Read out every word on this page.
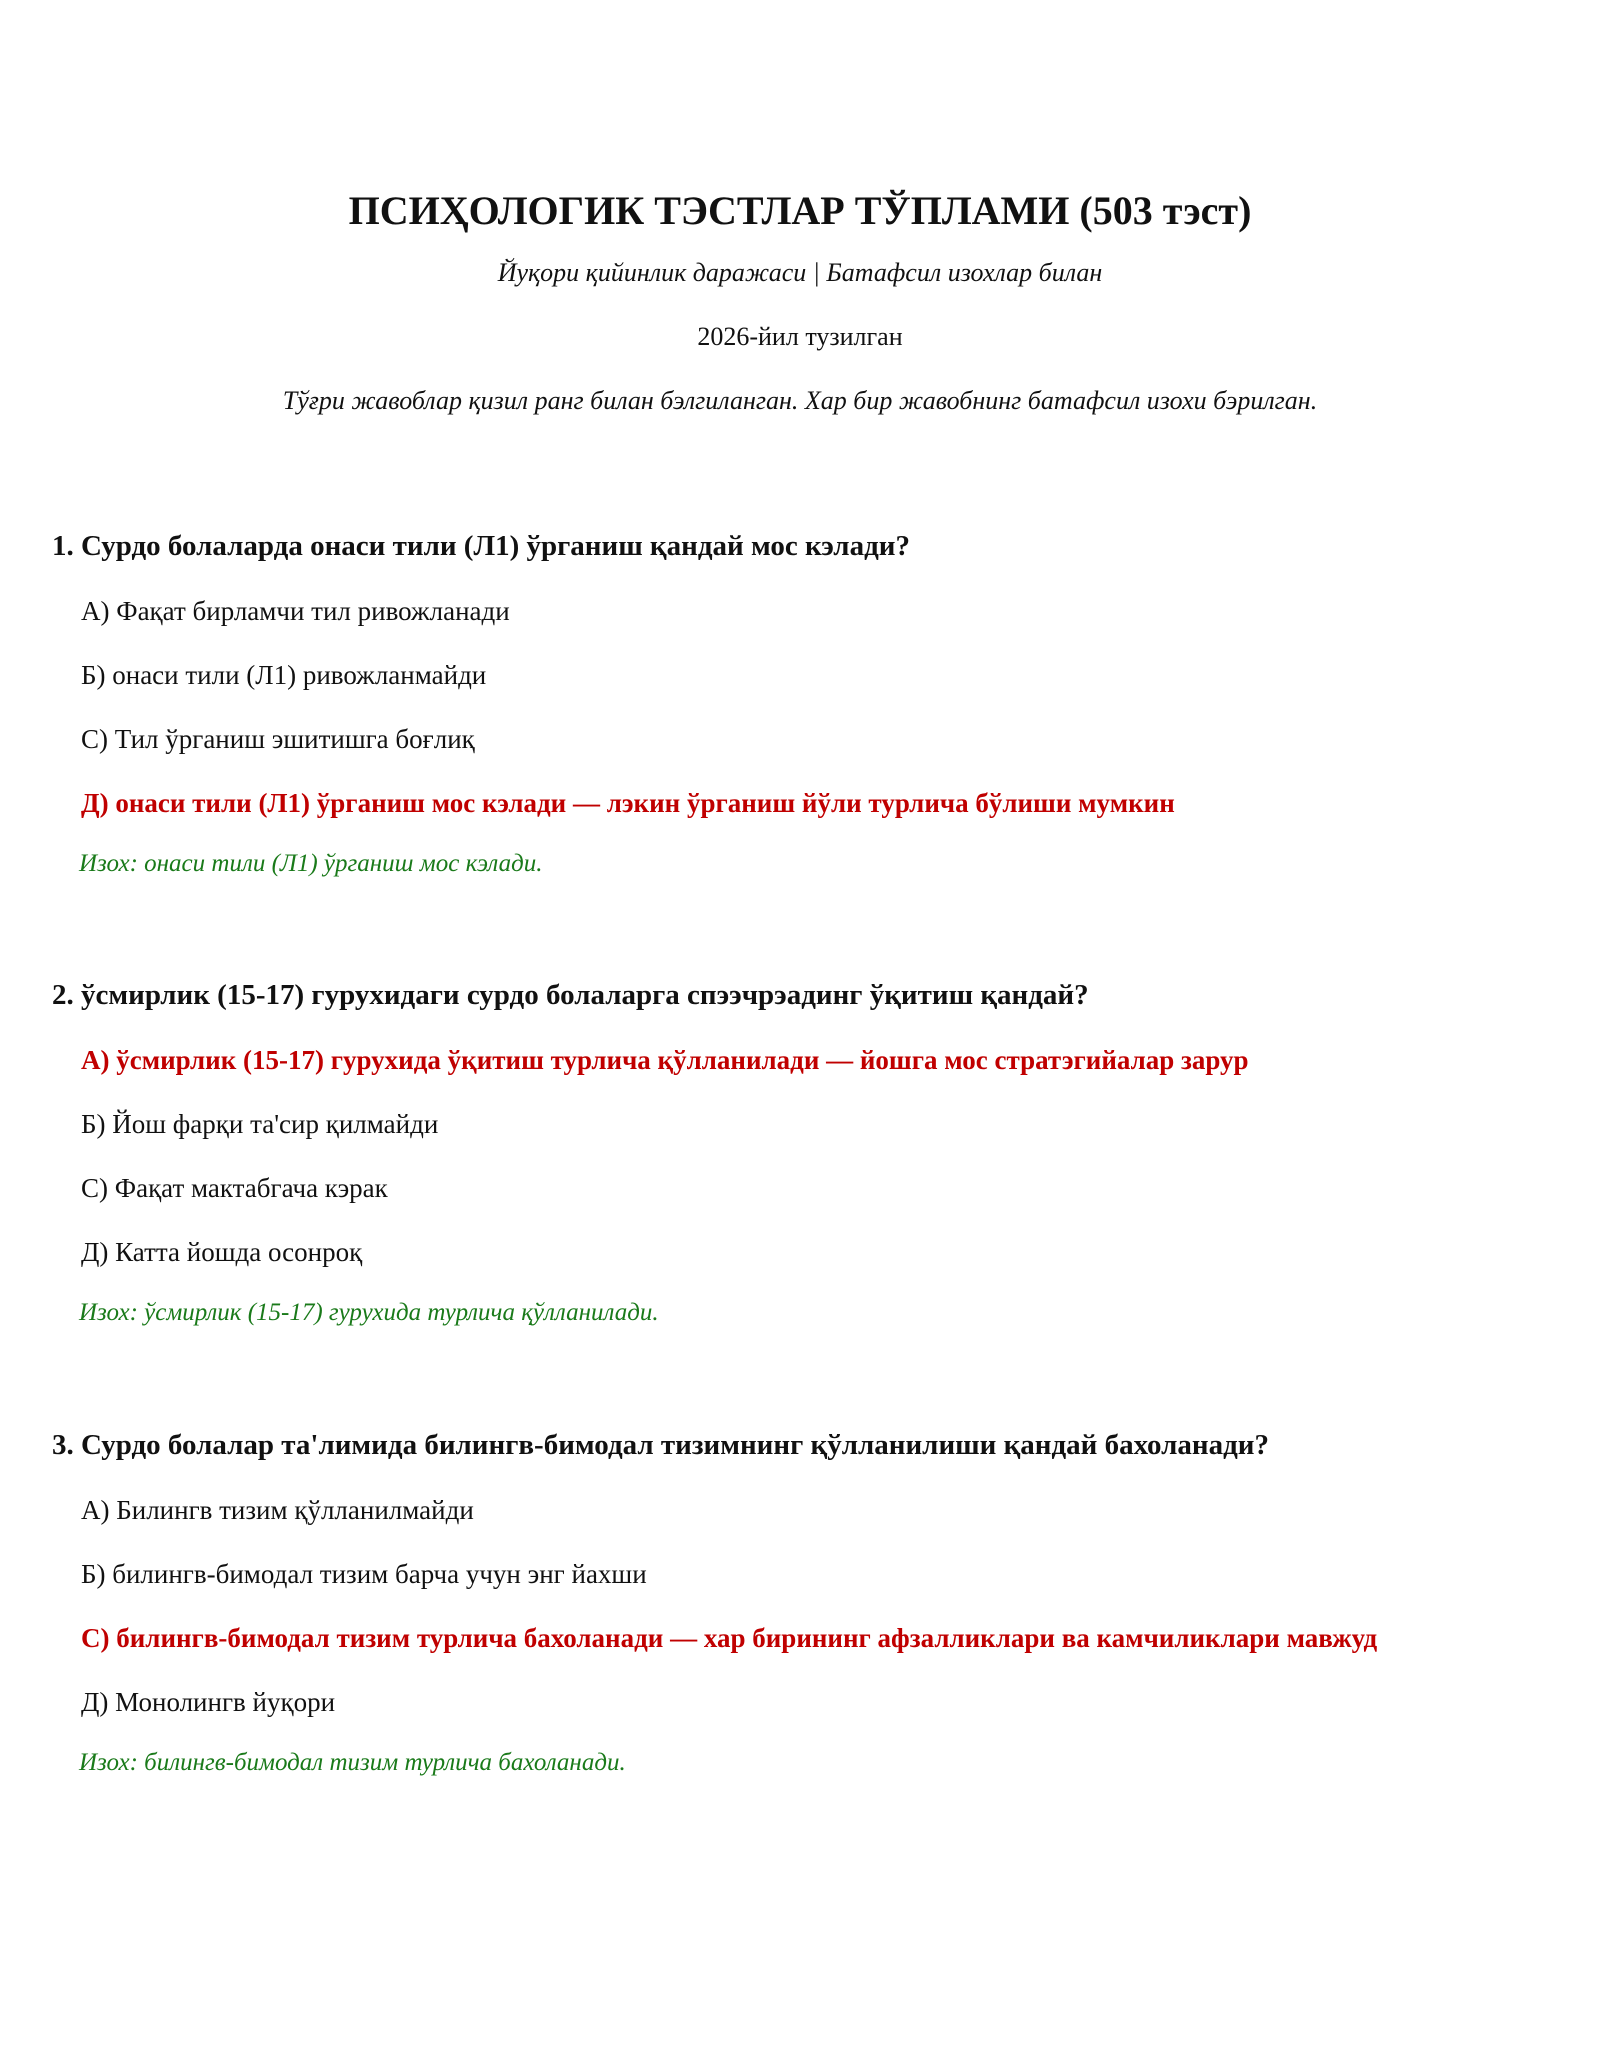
ПСИҲОЛОГИК ТЭСТЛАР ТЎПЛАМИ (503 тэст)

Йуқори қийинлик даражаси | Батафсил изохлар билан

2026-йил тузилган

Тўғри жавоблар қизил ранг билан бэлгиланган. Хар бир жавобнинг батафсил изохи бэрилган.

1. Сурдо болаларда онаси тили (Л1) ўрганиш қандай мос кэлади?

А) Фақат бирламчи тил ривожланади

Б) онаси тили (Л1) ривожланмайди

С) Тил ўрганиш эшитишга боғлиқ

Д) онаси тили (Л1) ўрганиш мос кэлади — лэкин ўрганиш йўли турлича бўлиши мумкин

Изох: онаси тили (Л1) ўрганиш мос кэлади.

2. ўсмирлик (15-17) гурухидаги сурдо болаларга спээчрэадинг ўқитиш қандай?

А) ўсмирлик (15-17) гурухида ўқитиш турлича қўлланилади — йошга мос стратэгийалар зарур

Б) Йош фарқи та'сир қилмайди

С) Фақат мактабгача кэрак

Д) Катта йошда осонроқ

Изох: ўсмирлик (15-17) гурухида турлича қўлланилади.

3. Сурдо болалар та'лимида билингв-бимодал тизимнинг қўлланилиши қандай бахоланади?

А) Билингв тизим қўлланилмайди

Б) билингв-бимодал тизим барча учун энг йахши

С) билингв-бимодал тизим турлича бахоланади — хар бирининг афзалликлари ва камчиликлари мавжуд

Д) Монолингв йуқори

Изох: билингв-бимодал тизим турлича бахоланади.
